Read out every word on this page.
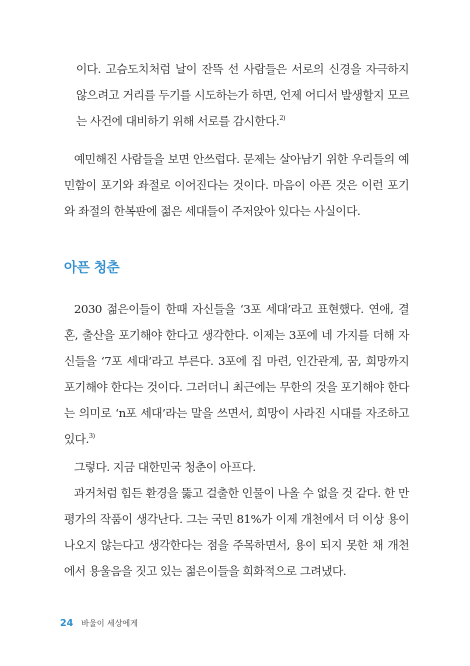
이다. 고슴도치처럼 날이 잔뜩 선 사람들은 서로의 신경을 자극하지 않으려고 거리를 두기를 시도하는가 하면, 언제 어디서 발생할지 모르는 사건에 대비하기 위해 서로를 감시한다.$^{2)}$

예민해진 사람들을 보면 안쓰럽다. 문제는 살아남기 위한 우리들의 예민함이 포기와 좌절로 이어진다는 것이다. 마음이 아픈 것은 이런 포기와 좌절의 한복판에 젊은 세대들이 주저앉아 있다는 사실이다.

아픈 청춘

2030 젊은이들이 한때 자신들을 ‘3포 세대’라고 표현했다. 연애, 결혼, 출산을 포기해야 한다고 생각한다. 이제는 3포에 네 가지를 더해 자신들을 ‘7포 세대’라고 부른다. 3포에 집 마련, 인간관계, 꿈, 희망까지 포기해야 한다는 것이다. 그러더니 최근에는 무한의 것을 포기해야 한다는 의미로 ‘n포 세대’라는 말을 쓰면서, 희망이 사라진 시대를 자조하고 있다.$^{3)}$

그렇다. 지금 대한민국 청춘이 아프다.

과거처럼 힘든 환경을 뚫고 걸출한 인물이 나올 수 없을 것 같다. 한 만평가의 작품이 생각난다. 그는 국민 81%가 이제 개천에서 더 이상 용이 나오지 않는다고 생각한다는 점을 주목하면서, 용이 되지 못한 채 개천에서 용울음을 짓고 있는 젊은이들을 희화적으로 그려냈다.

24 바울이 세상에게
